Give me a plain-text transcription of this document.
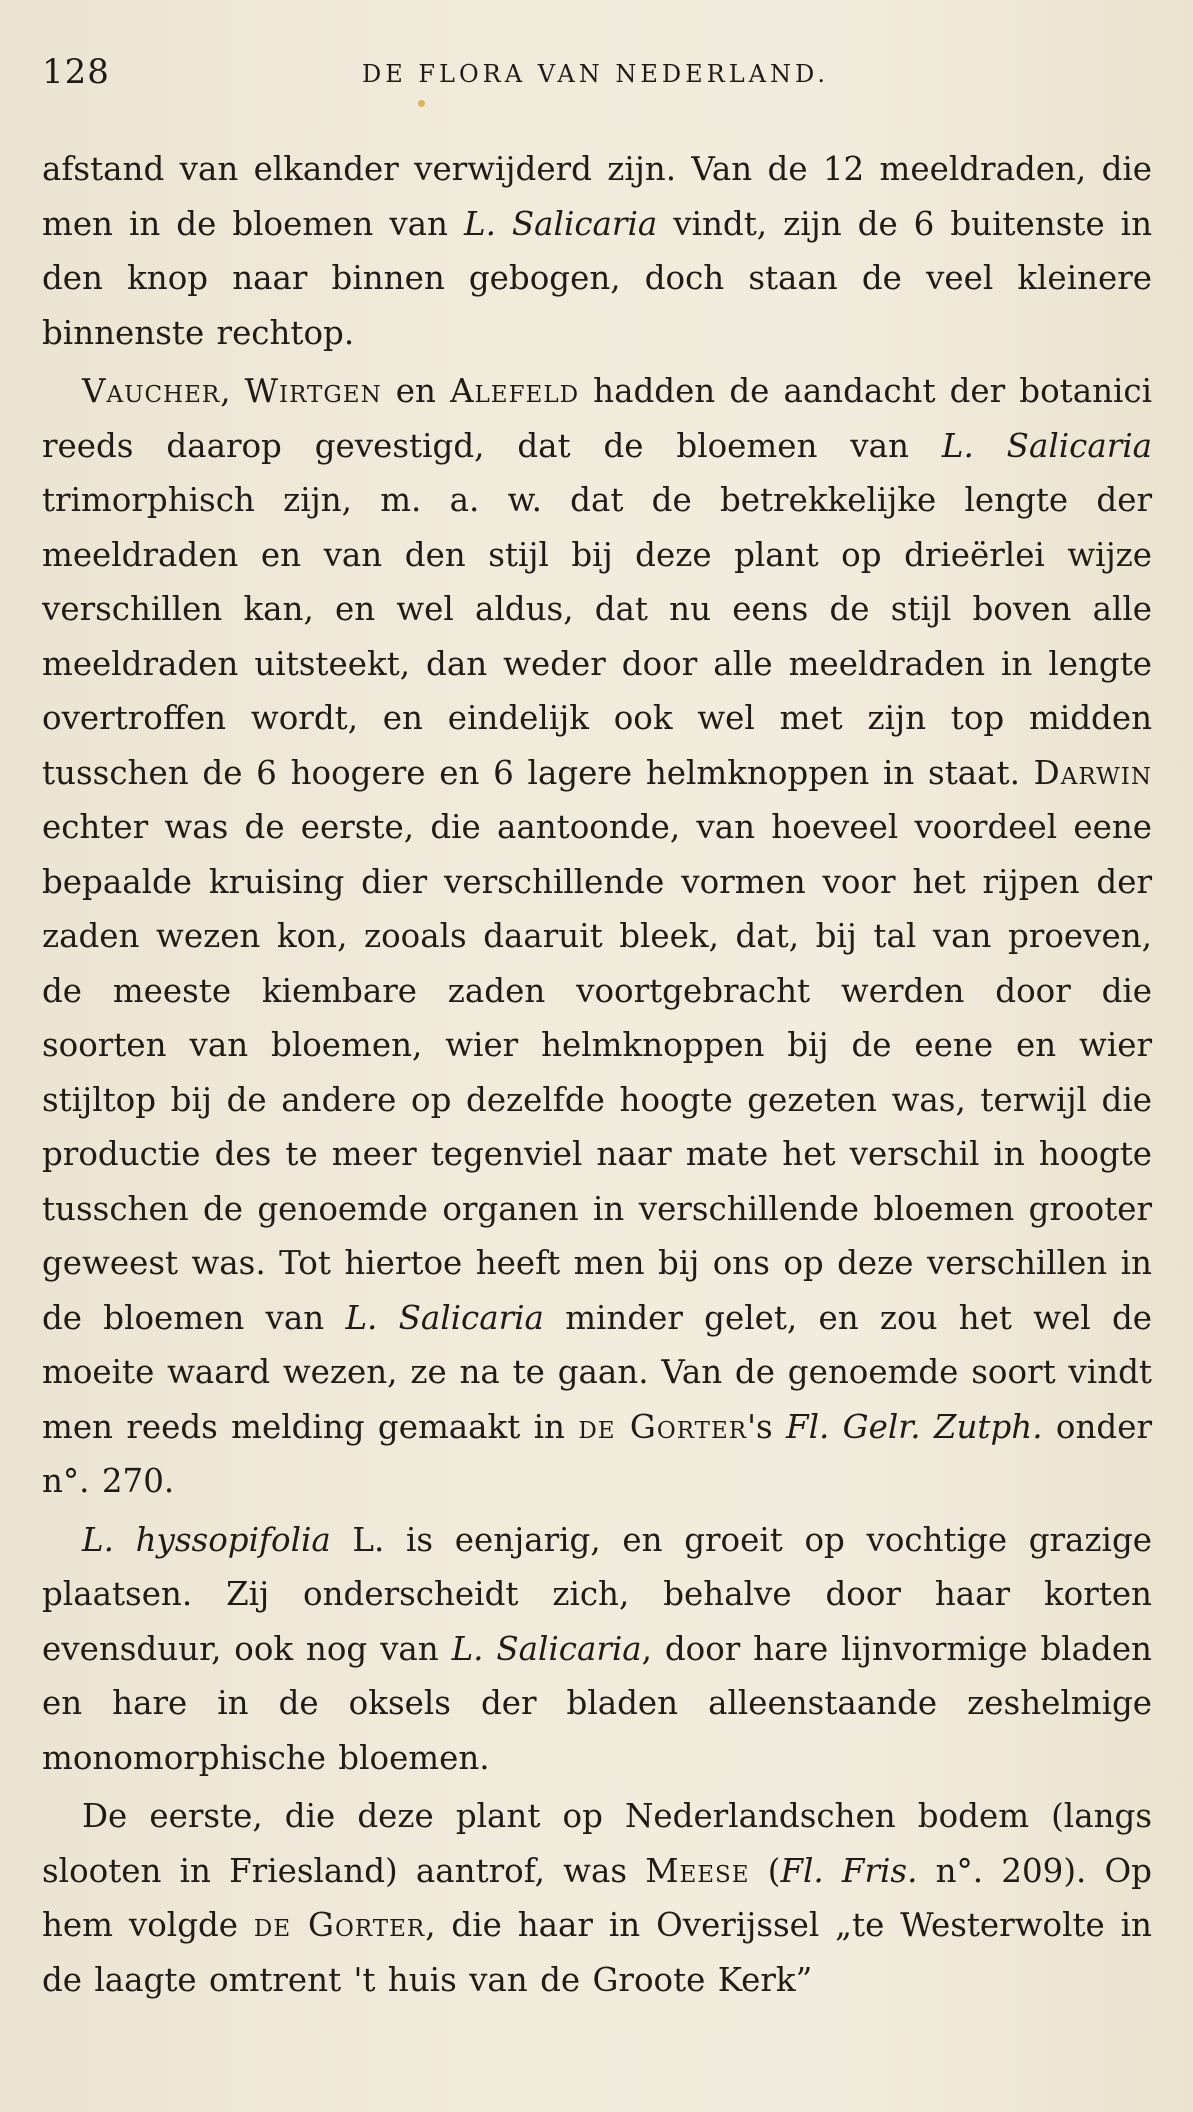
128	DE FLORA VAN NEDERLAND.

afstand van elkander verwijderd zijn. Van de 12 meeldraden, die men in de bloemen van L. Salicaria vindt, zijn de 6 buitenste in den knop naar binnen gebogen, doch staan de veel kleinere binnenste rechtop.

Vaucher, Wirtgen en Alefeld hadden de aandacht der botanici reeds daarop gevestigd, dat de bloemen van L. Salicaria trimorphisch zijn, m. a. w. dat de betrekkelijke lengte der meeldraden en van den stijl bij deze plant op drieërlei wijze verschillen kan, en wel aldus, dat nu eens de stijl boven alle meeldraden uitsteekt, dan weder door alle meeldraden in lengte overtroffen wordt, en eindelijk ook wel met zijn top midden tusschen de 6 hoogere en 6 lagere helmknoppen in staat. Darwin echter was de eerste, die aantoonde, van hoeveel voordeel eene bepaalde kruising dier verschillende vormen voor het rijpen der zaden wezen kon, zooals daaruit bleek, dat, bij tal van proeven, de meeste kiembare zaden voortgebracht werden door die soorten van bloemen, wier helmknoppen bij de eene en wier stijltop bij de andere op dezelfde hoogte gezeten was, terwijl die productie des te meer tegenviel naar mate het verschil in hoogte tusschen de genoemde organen in verschillende bloemen grooter geweest was. Tot hiertoe heeft men bij ons op deze verschillen in de bloemen van L. Salicaria minder gelet, en zou het wel de moeite waard wezen, ze na te gaan. Van de genoemde soort vindt men reeds melding gemaakt in de Gorter's Fl. Gelr. Zutph. onder n°. 270.

L. hyssopifolia L. is eenjarig, en groeit op vochtige grazige plaatsen. Zij onderscheidt zich, behalve door haar korten evensduur, ook nog van L. Salicaria, door hare lijnvormige bladen en hare in de oksels der bladen alleenstaande zeshelmige monomorphische bloemen.

De eerste, die deze plant op Nederlandschen bodem (langs slooten in Friesland) aantrof, was Meese (Fl. Fris. n°. 209). Op hem volgde de Gorter, die haar in Overijssel „te Westerwolte in de laagte omtrent 't huis van de Groote Kerk”
